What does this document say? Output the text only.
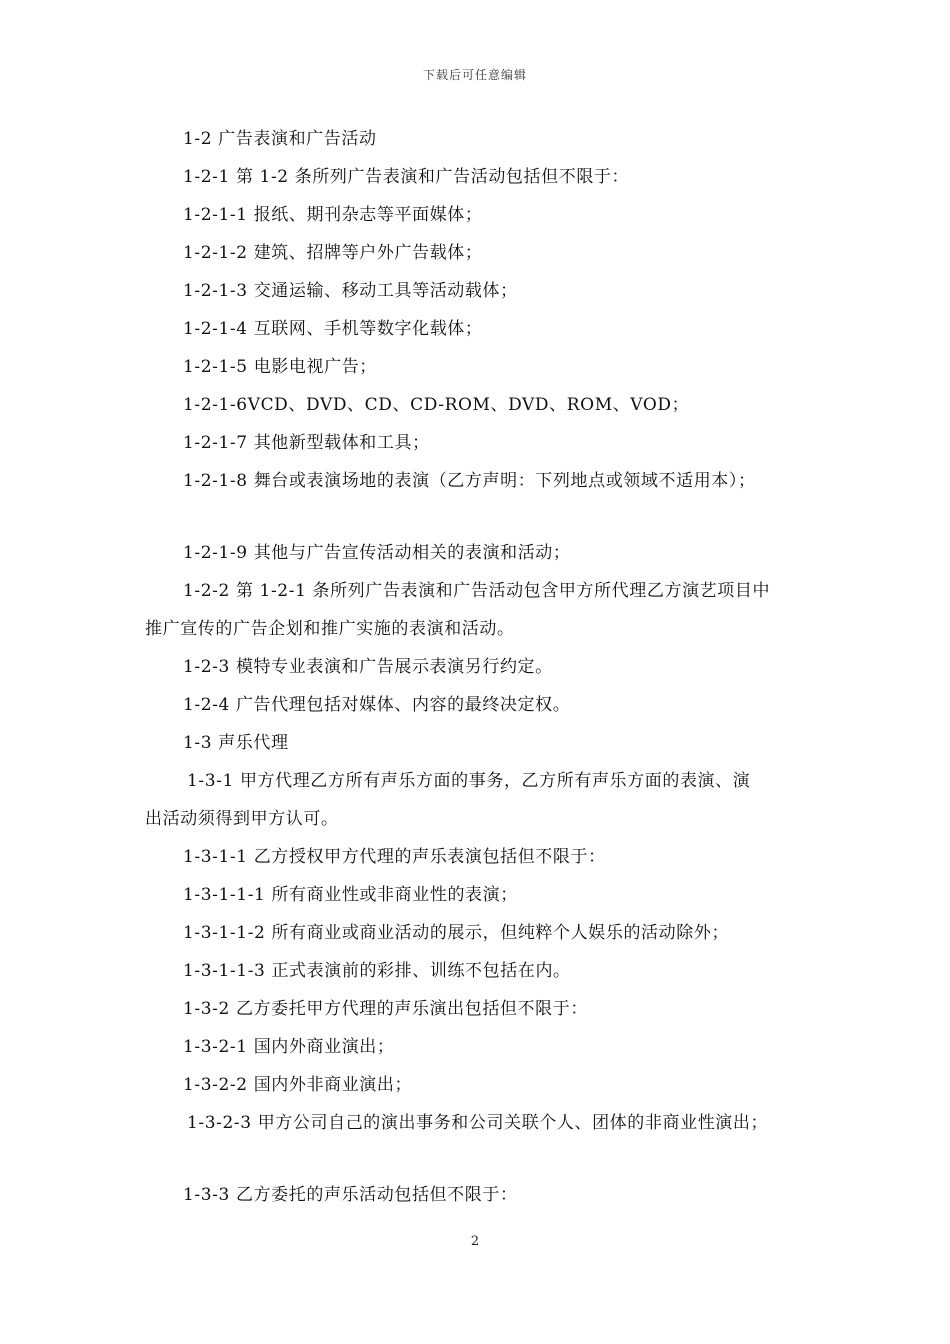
下载后可任意编辑
1-2 广告表演和广告活动
1-2-1 第 1-2 条所列广告表演和广告活动包括但不限于：
1-2-1-1 报纸、期刊杂志等平面媒体；
1-2-1-2 建筑、招牌等户外广告载体；
1-2-1-3 交通运输、移动工具等活动载体；
1-2-1-4 互联网、手机等数字化载体；
1-2-1-5 电影电视广告；
1-2-1-6VCD、DVD、CD、CD-ROM、DVD、ROM、VOD；
1-2-1-7 其他新型载体和工具；
1-2-1-8 舞台或表演场地的表演（乙方声明：下列地点或领域不适用本）；
1-2-1-9 其他与广告宣传活动相关的表演和活动；
1-2-2 第 1-2-1 条所列广告表演和广告活动包含甲方所代理乙方演艺项目中
推广宣传的广告企划和推广实施的表演和活动。
1-2-3 模特专业表演和广告展示表演另行约定。
1-2-4 广告代理包括对媒体、内容的最终决定权。
1-3 声乐代理
1-3-1 甲方代理乙方所有声乐方面的事务，乙方所有声乐方面的表演、演
出活动须得到甲方认可。
1-3-1-1 乙方授权甲方代理的声乐表演包括但不限于：
1-3-1-1-1 所有商业性或非商业性的表演；
1-3-1-1-2 所有商业或商业活动的展示，但纯粹个人娱乐的活动除外；
1-3-1-1-3 正式表演前的彩排、训练不包括在内。
1-3-2 乙方委托甲方代理的声乐演出包括但不限于：
1-3-2-1 国内外商业演出；
1-3-2-2 国内外非商业演出；
1-3-2-3 甲方公司自己的演出事务和公司关联个人、团体的非商业性演出；
1-3-3 乙方委托的声乐活动包括但不限于：
2
